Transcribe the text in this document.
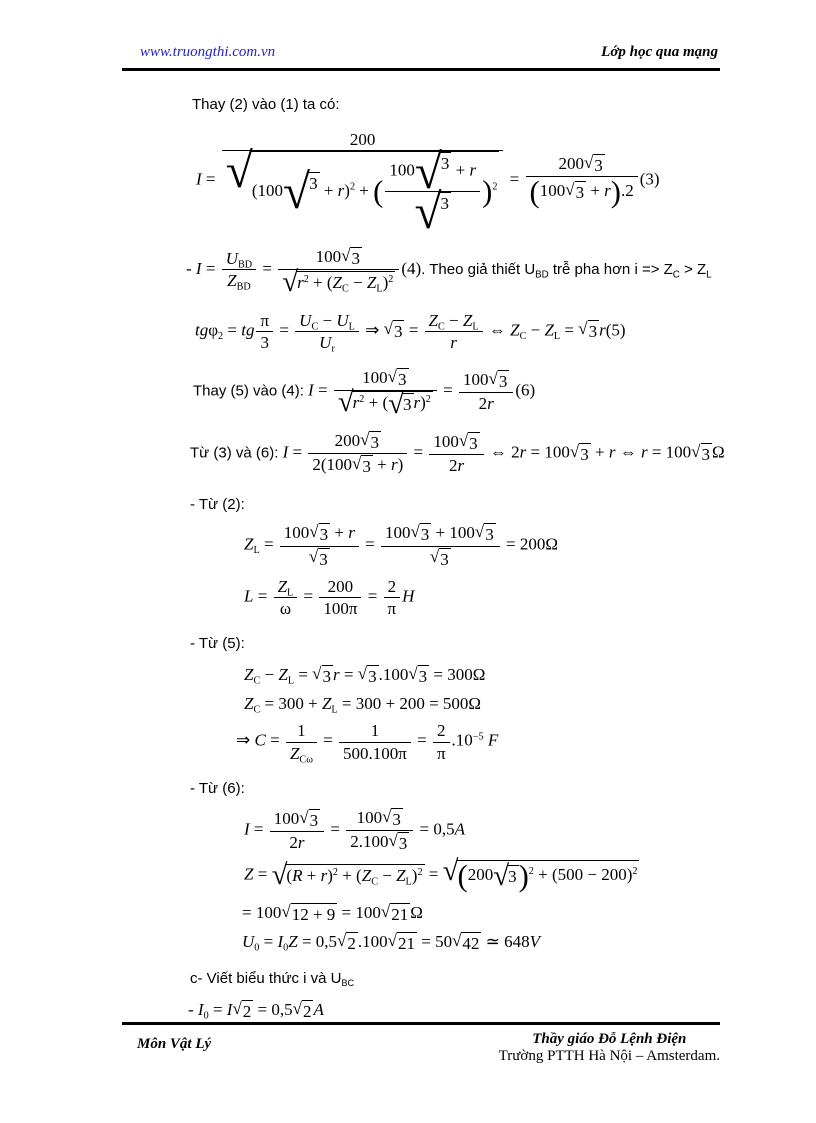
www.truongthi.com.vn	Lớp học qua mạng
Thay (2) vào (1) ta có:
$I = \frac{200}{√ (100 √ 3 + r)^2 + ( \frac{100 √ 3 + r}{√ 3} )^2} = \frac{200 √ 3}{(100 √ 3 + r).2} (3)$
- I =
$U_{BD}$
$Z_{BD}$
= $\frac{100 √ 3}{√ r^2 + (Z_C - Z_L)^2} (4)$. Theo giả thiết $U_{BD}$ trễ pha hơn $i => Z_C > Z_L$
tgφ$_2$ = tg $\frac{\pi}{3} = \frac{U_C - U_L}{U_r}$ ⇒ √ $3 = \frac{Z_C - Z_L}{r}$ ⇔ $Z_C - Z_L$ = √ 3 r(5)
Thay (5) vào (4): $I = \frac{100 √ 3}{√ r^2 + ( √ 3 r)^2} = \frac{100 √ 3}{2r} (6)$
Từ (3) và (6): $I = \frac{200 √ 3}{2(100 √ 3 + r)} = \frac{100 √ 3}{2r}$ ⇔ 2r = 100 √ 3 + r ⇔ r = 100 √ 3 Ω
- Từ (2):
$Z_L = \frac{100 √ 3 + r}{√ 3} = \frac{100 √ 3 + 100 √ 3}{√ 3} = 200\Omega$
$L = \frac{Z_L}{\omega} = \frac{200}{100\pi} = \frac{2}{\pi}$ H
- Từ (5):
$Z_C - Z_L$ = √ 3 r = √ 3 .100 √ 3 = 300Ω
$Z_C = 300 + Z_L = 300 + 200 = 500\Omega$
⇒ C =
1
$Z_{C\omega}$
= $\frac{1}{500.100\pi} = \frac{2}{\pi} .10^{-5}$ F
- Từ (6):
$I = \frac{100 √ 3}{2r} = \frac{100 √ 3}{2.100 √ 3} = 0,5A$
Z = √ $(R + r)^2 + (Z_C - Z_L)^2$ = √ (200 √ 3 )$^2 + (500 - 200)^2$
= 100 √ 12 + 9 = 100 √ 21 Ω
$U_0 = I_0Z = 0,5$ √ 2 .100 √ 21 = 50 √ 42 ≃ 648V
c- Viết biểu thức i và $U_{BC}$
- $I_0 = I$ √ 2 = 0,5 √ 2 A
Môn Vật Lý	Thầy giáo Đỗ Lệnh Điện
Trường PTTH Hà Nội – Amsterdam.
